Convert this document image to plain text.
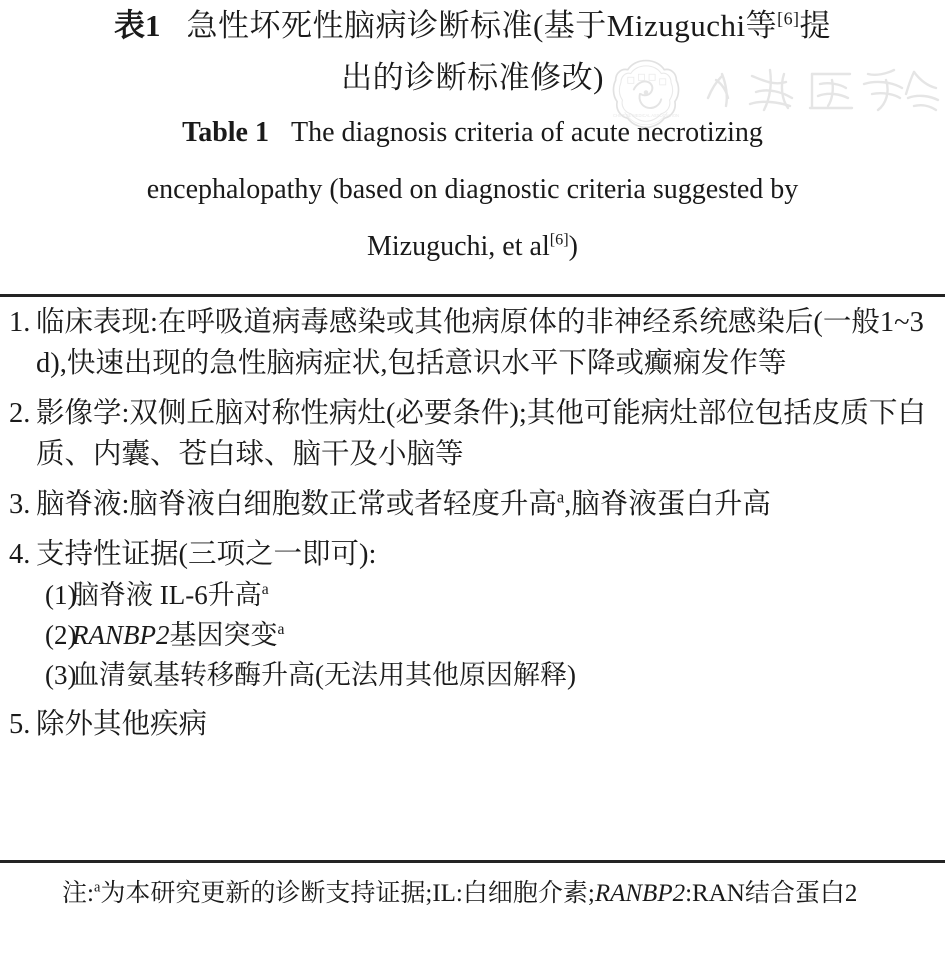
CHINESE MEDICAL ASSOCIATION
表1 急性坏死性脑病诊断标准(基于Mizuguchi等[6]提
出的诊断标准修改)
Table 1 The diagnosis criteria of acute necrotizing
encephalopathy (based on diagnostic criteria suggested by
Mizuguchi, et al[6])
1. 临床表现:在呼吸道病毒感染或其他病原体的非神经系统感染后(一般1~3 d),快速出现的急性脑病症状,包括意识水平下降或癫痫发作等
2. 影像学:双侧丘脑对称性病灶(必要条件);其他可能病灶部位包括皮质下白质、内囊、苍白球、脑干及小脑等
3. 脑脊液:脑脊液白细胞数正常或者轻度升高$^a$,脑脊液蛋白升高
4. 支持性证据(三项之一即可):
(1)
脑脊液 IL-6升高$^a$
(2)
RANBP2基因突变$^a$
(3)
血清氨基转移酶升高(无法用其他原因解释)
5. 除外其他疾病
注:$^a$为本研究更新的诊断支持证据;IL:白细胞介素;RANBP2:RAN结合蛋白2
